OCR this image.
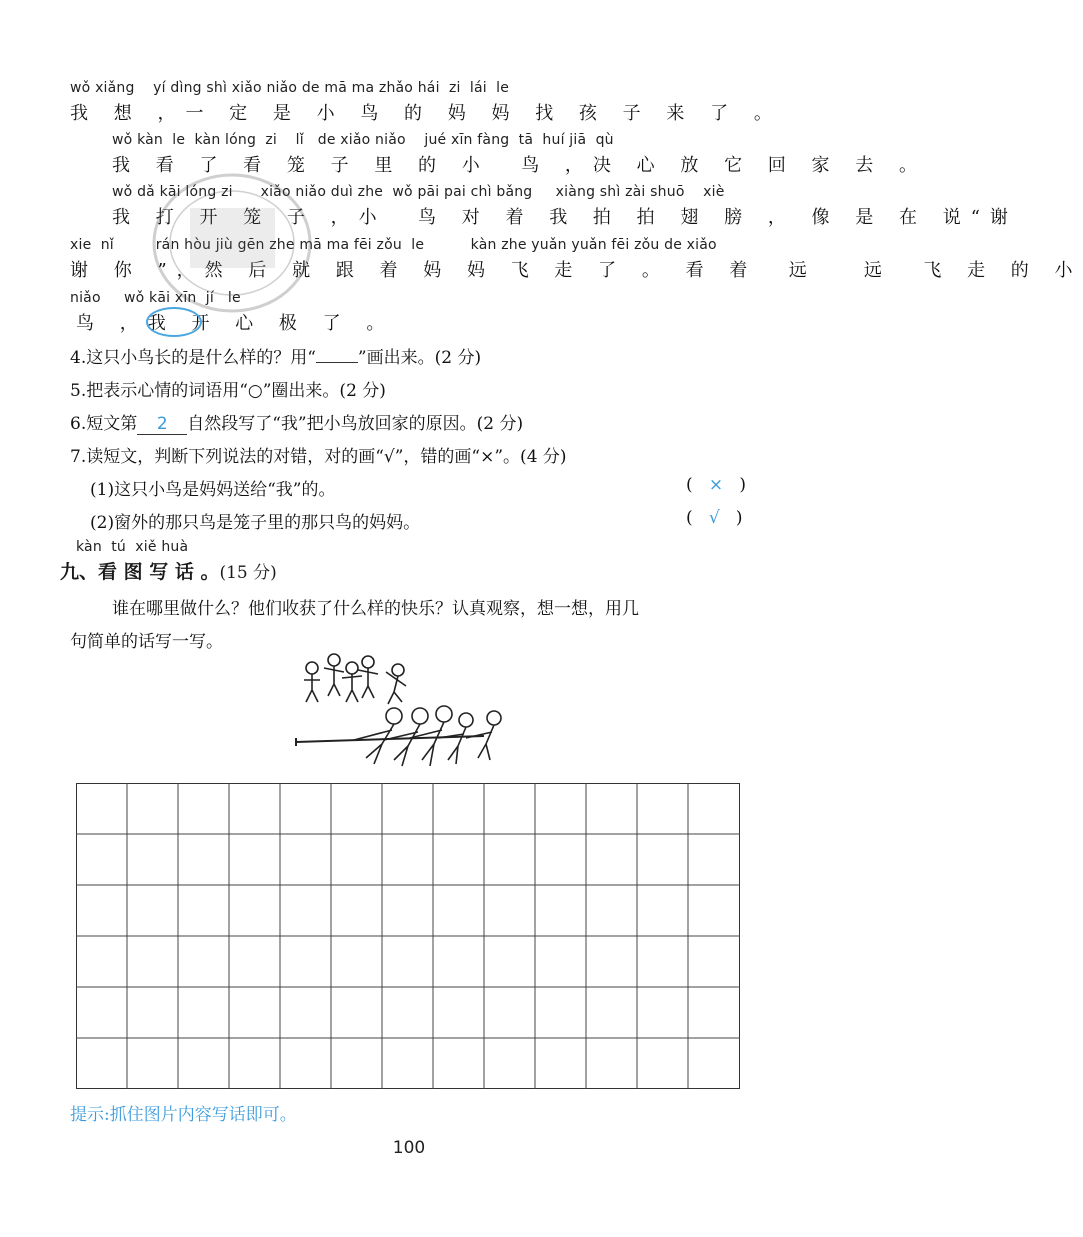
wǒ xiǎng    yí dìng shì xiǎo niǎo de mā ma zhǎo hái  zi  lái  le
我 想 ，一 定 是 小 鸟 的 妈 妈 找 孩 子 来 了 。
wǒ kàn  le  kàn lóng  zi    lǐ   de xiǎo niǎo    jué xīn fàng  tā  huí jiā  qù
我 看 了 看 笼 子 里 的 小  鸟 ，决 心 放 它 回 家 去 。
wǒ dǎ kāi lóng zi      xiǎo niǎo duì zhe  wǒ pāi pai chì bǎng     xiàng shì zài shuō    xiè
我 打 开 笼 子 ，小  鸟 对 着 我 拍 拍 翅 膀 ， 像 是 在 说“谢
xie  nǐ         rán hòu jiù gēn zhe mā ma fēi zǒu  le          kàn zhe yuǎn yuǎn fēi zǒu de xiǎo
谢 你 ”，然 后 就 跟 着 妈 妈 飞 走 了 。 看 着  远   远  飞 走 的 小
niǎo     wǒ kāi xīn  jí   le
鸟 ，我 开 心 极 了 。
4.这只小鸟长的是什么样的？用“ ”画出来。(2 分)
5.把表示心情的词语用“○”圈出来。(2 分)
6.短文第 2 自然段写了“我”把小鸟放回家的原因。(2 分)
7.读短文，判断下列说法的对错，对的画“√”，错的画“×”。(4 分)
(1)这只小鸟是妈妈送给“我”的。	( × )
(2)窗外的那只鸟是笼子里的那只鸟的妈妈。	( √ )
kàn  tú  xiě huà
九、看 图 写 话 。(15 分)
谁在哪里做什么？他们收获了什么样的快乐？认真观察，想一想，用几
句简单的话写一写。
提示:抓住图片内容写话即可。
100
